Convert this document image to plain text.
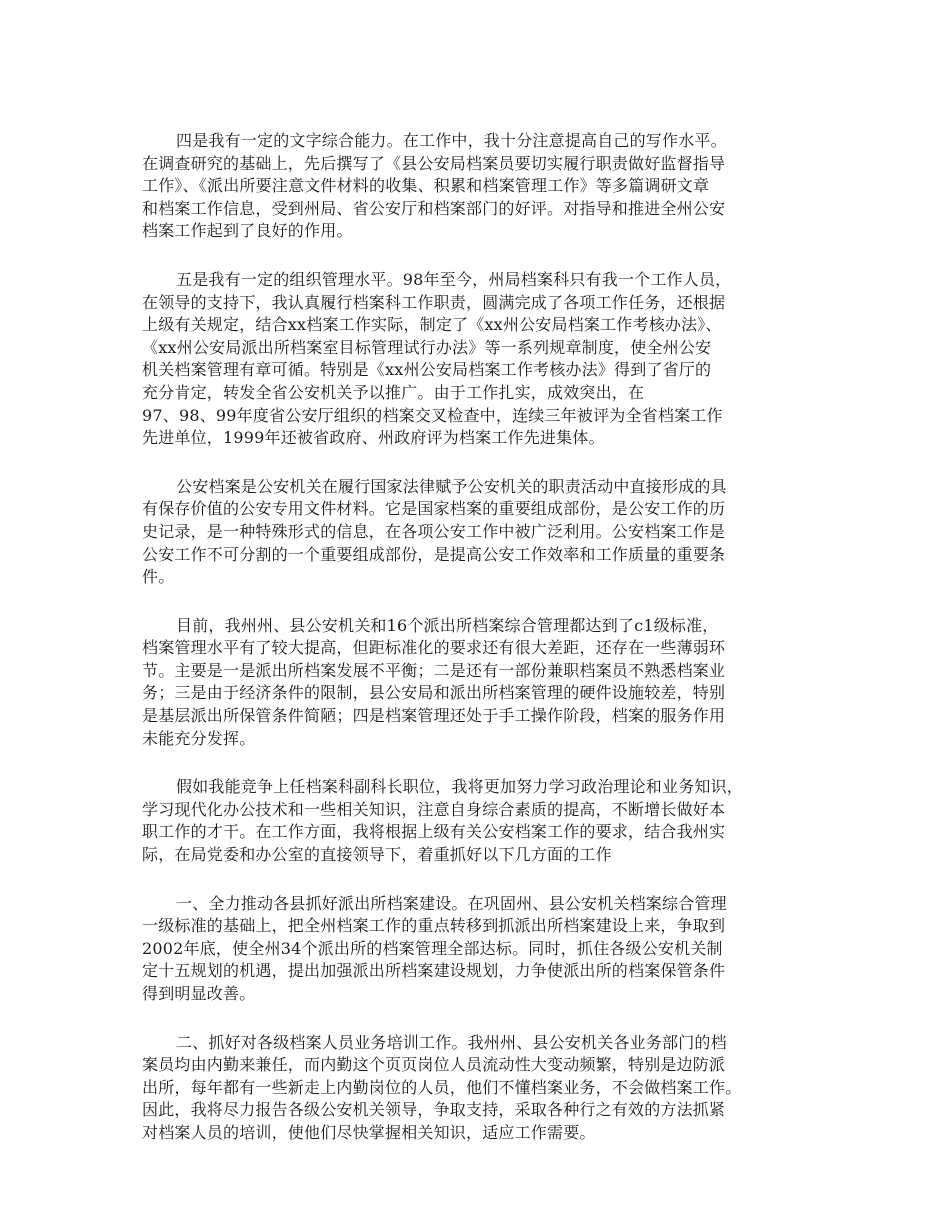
四是我有一定的文字综合能力。在工作中，我十分注意提高自己的写作水平。
在调查研究的基础上，先后撰写了《县公安局档案员要切实履行职责做好监督指导
工作》、《派出所要注意文件材料的收集、积累和档案管理工作》等多篇调研文章
和档案工作信息，受到州局、省公安厅和档案部门的好评。对指导和推进全州公安
档案工作起到了良好的作用。
五是我有一定的组织管理水平。98年至今，州局档案科只有我一个工作人员，
在领导的支持下，我认真履行档案科工作职责，圆满完成了各项工作任务，还根据
上级有关规定，结合xx档案工作实际，制定了《xx州公安局档案工作考核办法》、
《xx州公安局派出所档案室目标管理试行办法》等一系列规章制度，使全州公安
机关档案管理有章可循。特别是《xx州公安局档案工作考核办法》得到了省厅的
充分肯定，转发全省公安机关予以推广。由于工作扎实，成效突出，在
97、98、99年度省公安厅组织的档案交叉检查中，连续三年被评为全省档案工作
先进单位，1999年还被省政府、州政府评为档案工作先进集体。
公安档案是公安机关在履行国家法律赋予公安机关的职责活动中直接形成的具
有保存价值的公安专用文件材料。它是国家档案的重要组成部份，是公安工作的历
史记录，是一种特殊形式的信息，在各项公安工作中被广泛利用。公安档案工作是
公安工作不可分割的一个重要组成部份，是提高公安工作效率和工作质量的重要条
件。
目前，我州州、县公安机关和16个派出所档案综合管理都达到了c1级标准，
档案管理水平有了较大提高，但距标准化的要求还有很大差距，还存在一些薄弱环
节。主要是一是派出所档案发展不平衡；二是还有一部份兼职档案员不熟悉档案业
务；三是由于经济条件的限制，县公安局和派出所档案管理的硬件设施较差，特别
是基层派出所保管条件简陋；四是档案管理还处于手工操作阶段，档案的服务作用
未能充分发挥。
假如我能竞争上任档案科副科长职位，我将更加努力学习政治理论和业务知识，
学习现代化办公技术和一些相关知识，注意自身综合素质的提高，不断增长做好本
职工作的才干。在工作方面，我将根据上级有关公安档案工作的要求，结合我州实
际，在局党委和办公室的直接领导下，着重抓好以下几方面的工作
一、全力推动各县抓好派出所档案建设。在巩固州、县公安机关档案综合管理
一级标准的基础上，把全州档案工作的重点转移到抓派出所档案建设上来，争取到
2002年底，使全州34个派出所的档案管理全部达标。同时，抓住各级公安机关制
定十五规划的机遇，提出加强派出所档案建设规划，力争使派出所的档案保管条件
得到明显改善。
二、抓好对各级档案人员业务培训工作。我州州、县公安机关各业务部门的档
案员均由内勤来兼任，而内勤这个页页岗位人员流动性大变动频繁，特别是边防派
出所，每年都有一些新走上内勤岗位的人员，他们不懂档案业务，不会做档案工作。
因此，我将尽力报告各级公安机关领导，争取支持，采取各种行之有效的方法抓紧
对档案人员的培训，使他们尽快掌握相关知识，适应工作需要。
